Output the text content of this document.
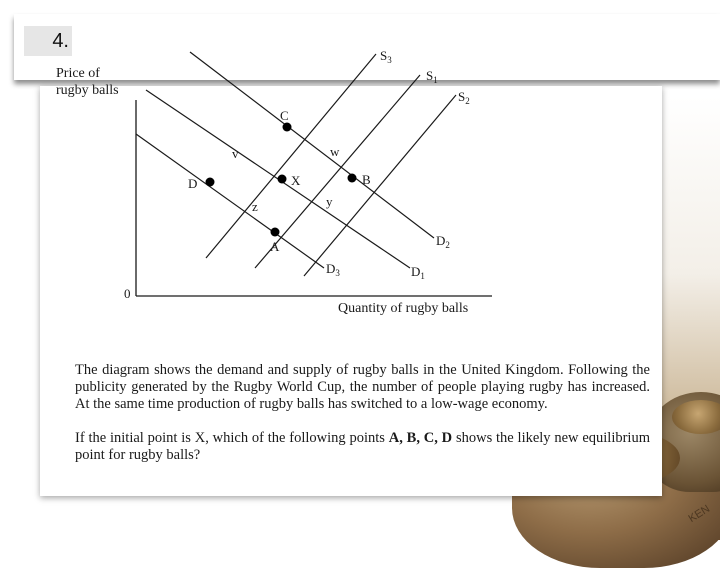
4.
KEN
Price of
rugby balls
0
Quantity of rugby balls
$S_3$
$S_1$
$S_2$
$D_2$
$D_1$
$D_3$
C
D	X	B
A
v	w
y
z

The diagram shows the demand and supply of rugby balls in the United Kingdom. Following the publicity generated by the Rugby World Cup, the number of people playing rugby has increased. At the same time production of rugby balls has switched to a low-wage economy.

If the initial point is X, which of the following points A, B, C, D shows the likely new equilibrium point for rugby balls?
